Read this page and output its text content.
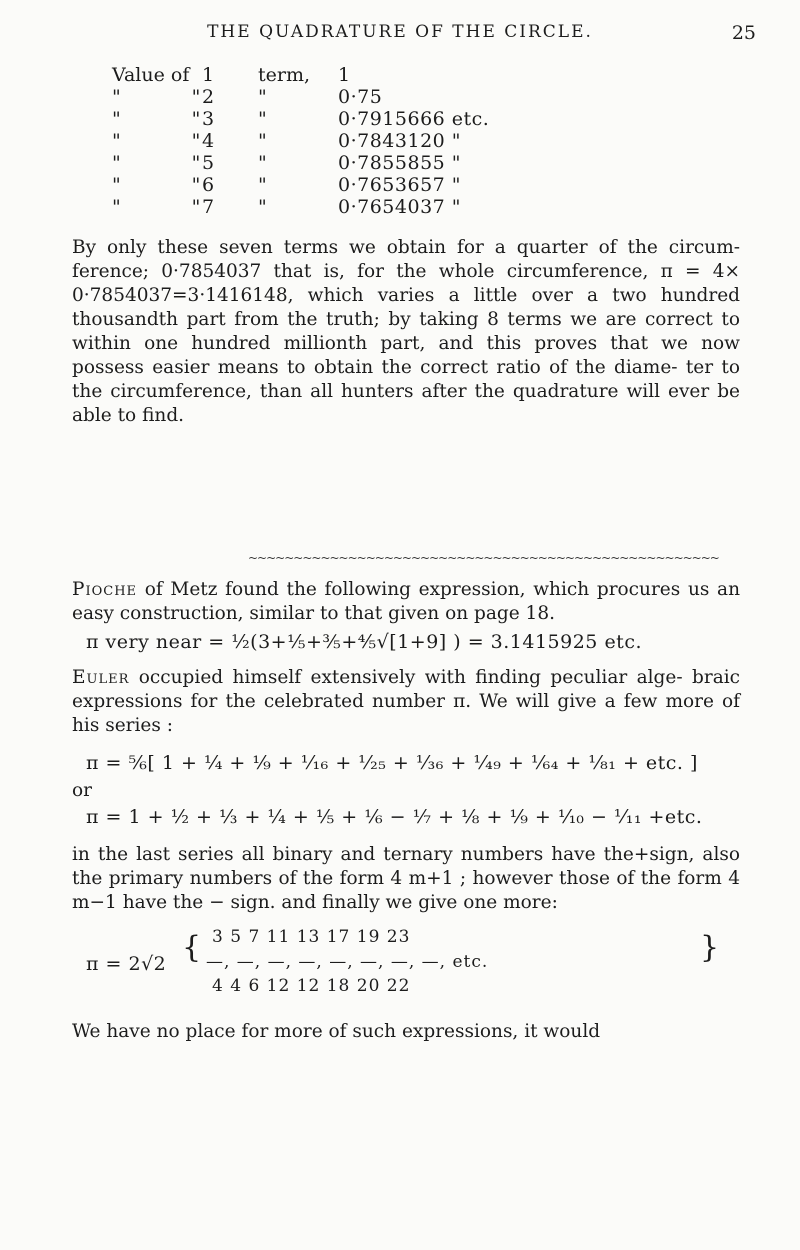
THE QUADRATURE OF THE CIRCLE.	25
Value of		1	term,	1
"	"	2	"	0·75
"	"	3	"	0·7915666 etc.
"	"	4	"	0·7843120 "
"	"	5	"	0·7855855 "
"	"	6	"	0·7653657 "
"	"	7	"	0·7654037 "

By only these seven terms we obtain for a quarter of the circum- ference; 0·7854037 that is, for the whole circumference, π = 4× 0·7854037=3·1416148, which varies a little over a two hundred thousandth part from the truth; by taking 8 terms we are correct to within one hundred millionth part, and this proves that we now possess easier means to obtain the correct ratio of the diame- ter to the circumference, than all hunters after the quadrature will ever be able to find.

~~~~~~~~~~~~~~~~~~~~~~~~~~~~~~~~~~~~~~~~~~~~~~~~~~~~

Pioche of Metz found the following expression, which procures us an easy construction, similar to that given on page 18.

π very near = ½(3+⅕+⅗+⅘√[1+9] ) = 3.1415925 etc.

Euler occupied himself extensively with finding peculiar alge- braic expressions for the celebrated number π. We will give a few more of his series :

π = ⅚[ 1 + ¼ + ⅑ + ¹⁄₁₆ + ¹⁄₂₅ + ¹⁄₃₆ + ¹⁄₄₉ + ¹⁄₆₄ + ¹⁄₈₁ + etc. ]
or
π = 1 + ½ + ⅓ + ¼ + ⅕ + ⅙ − ⅐ + ⅛ + ⅑ + ⅒ − ¹⁄₁₁ +etc.

in the last series all binary and ternary numbers have the+sign, also the primary numbers of the form 4 m+1 ; however those of the form 4 m−1 have the − sign. and finally we give one more:

π = 2√2 { 3 5 7 11 13 17 19 23
—, —, —, —, —, —, —, —, etc.
4 4 6 12 12 18 20 22
}

We have no place for more of such expressions, it would
